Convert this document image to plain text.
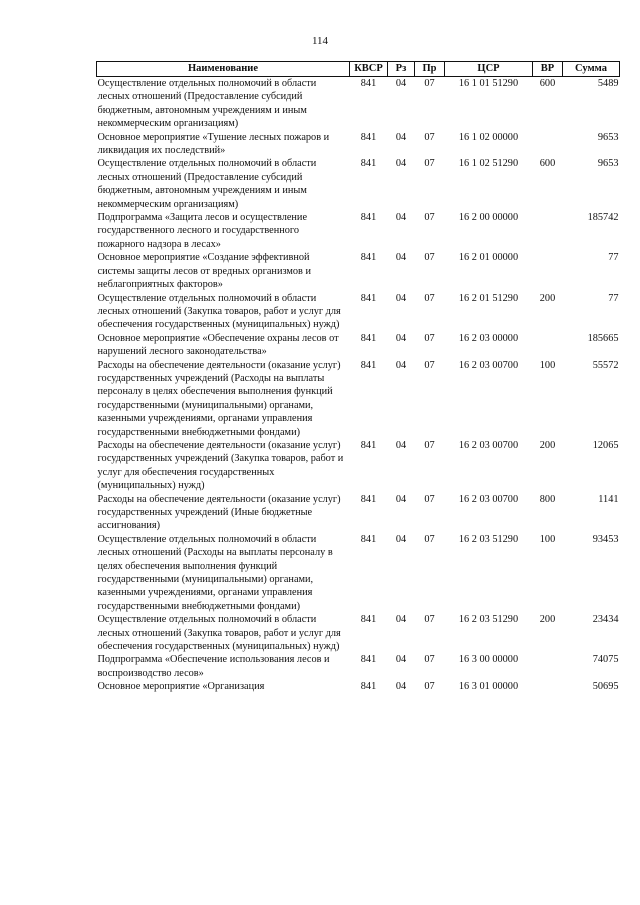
114
Наименование	КВСР	Рз	Пр	ЦСР	ВР	Сумма
Осуществление отдельных полномочий в области лесных отношений (Предоставление субсидий бюджетным, автономным учреждениям и иным некоммерческим организациям)	841	04	07	16 1 01 51290	600	5489
Основное мероприятие «Тушение лесных пожаров и ликвидация их последствий»	841	04	07	16 1 02 00000		9653
Осуществление отдельных полномочий в области лесных отношений (Предоставление субсидий бюджетным, автономным учреждениям и иным некоммерческим организациям)	841	04	07	16 1 02 51290	600	9653
Подпрограмма «Защита лесов и осуществление государственного лесного и государственного пожарного надзора в лесах»	841	04	07	16 2 00 00000		185742
Основное мероприятие «Создание эффективной системы защиты лесов от вредных организмов и неблагоприятных факторов»	841	04	07	16 2 01 00000		77
Осуществление отдельных полномочий в области лесных отношений (Закупка товаров, работ и услуг для обеспечения государственных (муниципальных) нужд)	841	04	07	16 2 01 51290	200	77
Основное мероприятие «Обеспечение охраны лесов от нарушений лесного законодательства»	841	04	07	16 2 03 00000		185665
Расходы на обеспечение деятельности (оказание услуг) государственных учреждений (Расходы на выплаты персоналу в целях обеспечения выполнения функций государственными (муниципальными) органами, казенными учреждениями, органами управления государственными внебюджетными фондами)	841	04	07	16 2 03 00700	100	55572
Расходы на обеспечение деятельности (оказание услуг) государственных учреждений (Закупка товаров, работ и услуг для обеспечения государственных (муниципальных) нужд)	841	04	07	16 2 03 00700	200	12065
Расходы на обеспечение деятельности (оказание услуг) государственных учреждений (Иные бюджетные ассигнования)	841	04	07	16 2 03 00700	800	1141
Осуществление отдельных полномочий в области лесных отношений (Расходы на выплаты персоналу в целях обеспечения выполнения функций государственными (муниципальными) органами, казенными учреждениями, органами управления государственными внебюджетными фондами)	841	04	07	16 2 03 51290	100	93453
Осуществление отдельных полномочий в области лесных отношений (Закупка товаров, работ и услуг для обеспечения государственных (муниципальных) нужд)	841	04	07	16 2 03 51290	200	23434
Подпрограмма «Обеспечение использования лесов и воспроизводство лесов»	841	04	07	16 3 00 00000		74075
Основное мероприятие «Организация	841	04	07	16 3 01 00000		50695
